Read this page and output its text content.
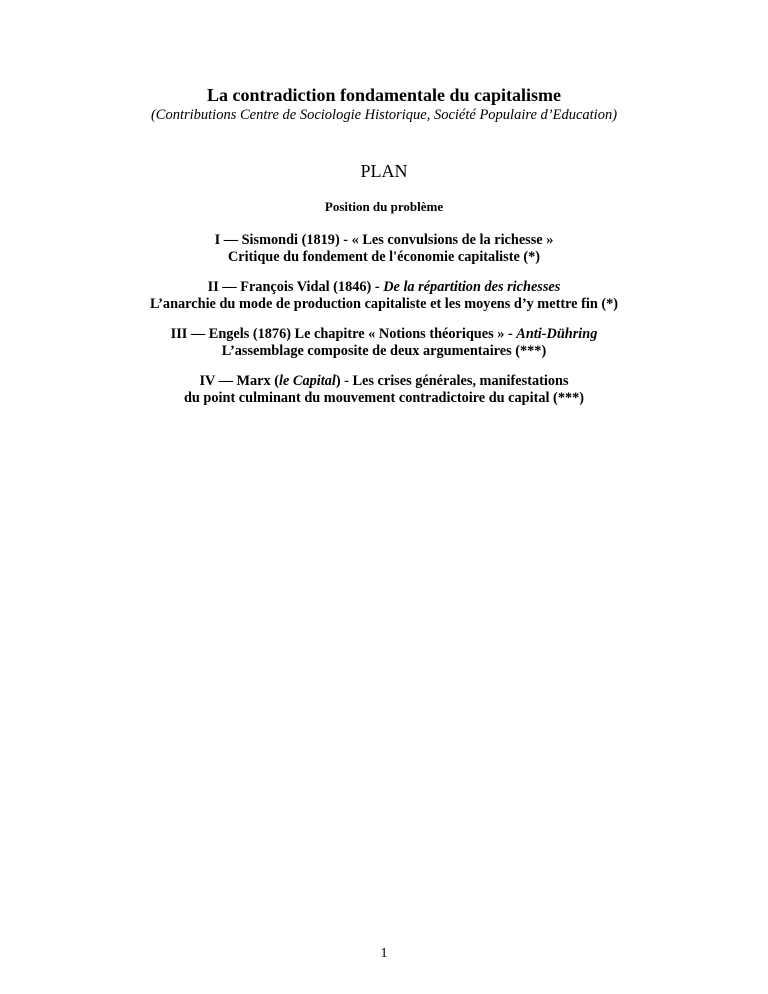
La contradiction fondamentale du capitalisme
(Contributions Centre de Sociologie Historique, Société Populaire d’Education)
PLAN
Position du problème
I — Sismondi (1819) - « Les convulsions de la richesse »
Critique du fondement de l'économie capitaliste (*)
II — François Vidal (1846) - De la répartition des richesses
L’anarchie du mode de production capitaliste et les moyens d’y mettre fin (*)
III — Engels (1876) Le chapitre « Notions théoriques » - Anti-Dühring
L’assemblage composite de deux argumentaires (***)
IV — Marx (le Capital) - Les crises générales, manifestations
du point culminant du mouvement contradictoire du capital (***)
1
